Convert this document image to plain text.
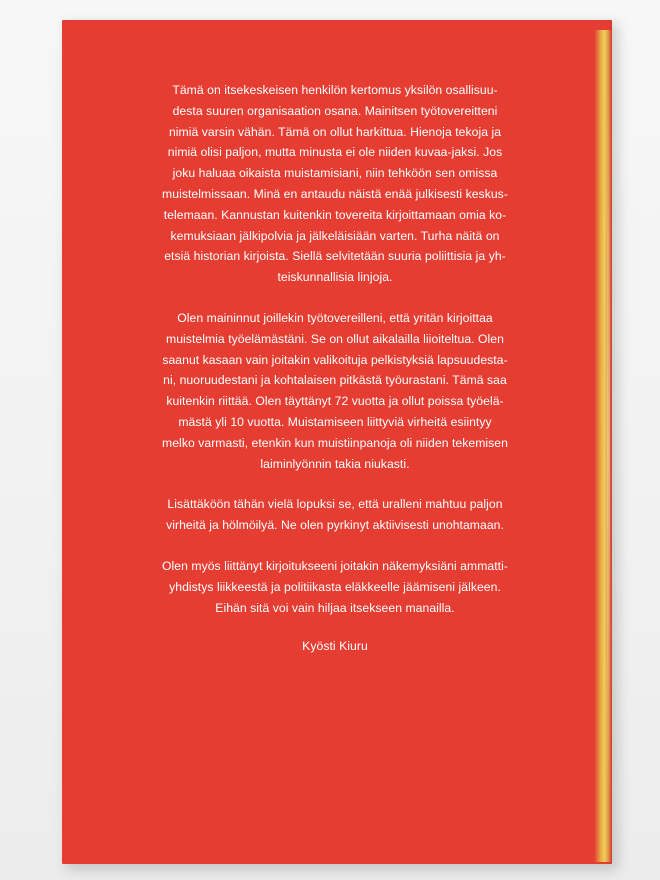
Tämä on itsekeskeisen henkilön kertomus yksilön osallisuu-
desta suuren organisaation osana. Mainitsen työtovereitteni
nimiä varsin vähän. Tämä on ollut harkittua. Hienoja tekoja ja
nimiä olisi paljon, mutta minusta ei ole niiden kuvaa-jaksi. Jos
joku haluaa oikaista muistamisiani, niin tehköön sen omissa
muistelmissaan. Minä en antaudu näistä enää julkisesti keskus-
telemaan. Kannustan kuitenkin tovereita kirjoittamaan omia ko-
kemuksiaan jälkipolvia ja jälkeläisiään varten. Turha näitä on
etsiä historian kirjoista. Siellä selvitetään suuria poliittisia ja yh-
teiskunnallisia linjoja.

Olen maininnut joillekin työtovereilleni, että yritän kirjoittaa
muistelmia työelämästäni. Se on ollut aikalailla liioiteltua. Olen
saanut kasaan vain joitakin valikoituja pelkistyksiä lapsuudesta-
ni, nuoruudestani ja kohtalaisen pitkästä työurastani. Tämä saa
kuitenkin riittää. Olen täyttänyt 72 vuotta ja ollut poissa työelä-
mästä yli 10 vuotta. Muistamiseen liittyviä virheitä esiintyy
melko varmasti, etenkin kun muistiinpanoja oli niiden tekemisen
laiminlyönnin takia niukasti.

Lisättäköön tähän vielä lopuksi se, että uralleni mahtuu paljon
virheitä ja hölmöilyä. Ne olen pyrkinyt aktiivisesti unohtamaan.

Olen myös liittänyt kirjoitukseeni joitakin näkemyksiäni ammatti-
yhdistys liikkeestä ja politiikasta eläkkeelle jäämiseni jälkeen.
Eihän sitä voi vain hiljaa itsekseen manailla.

Kyösti Kiuru
